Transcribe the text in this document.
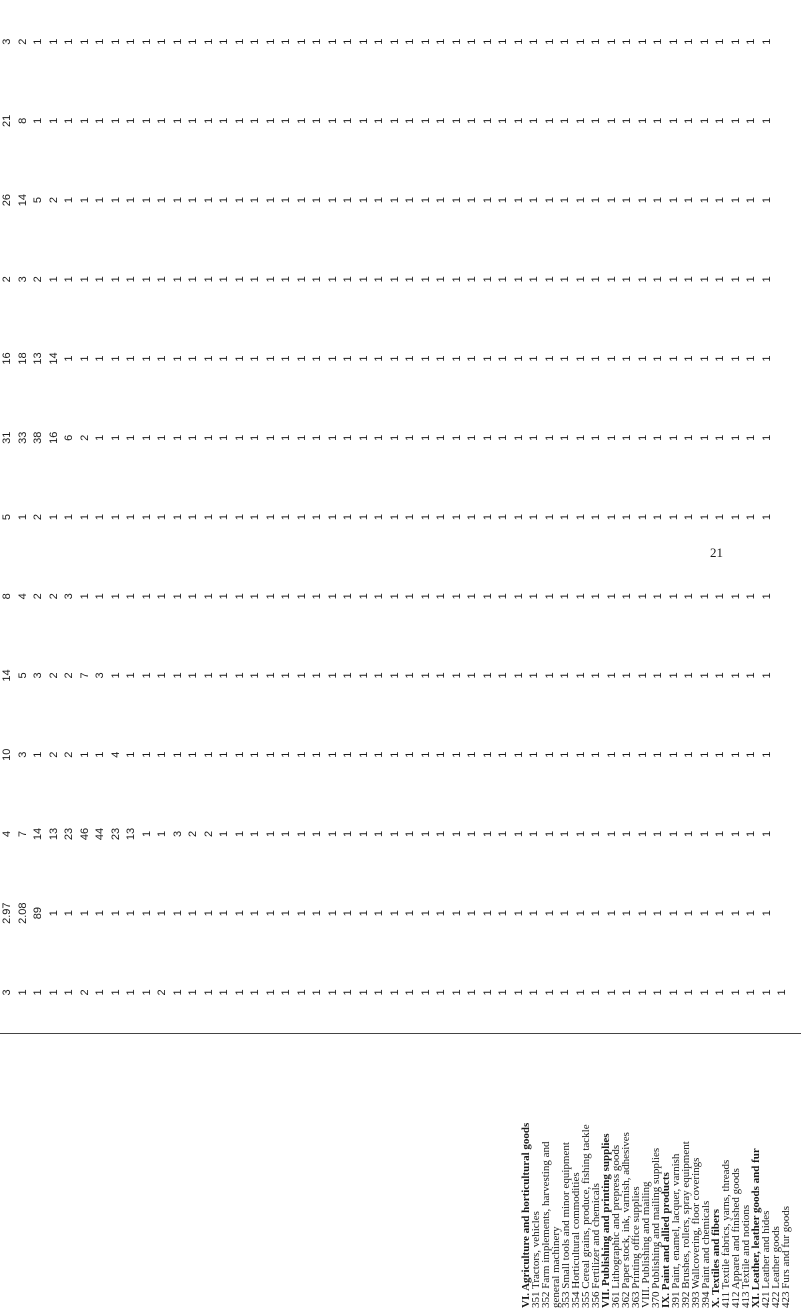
VI. Agriculture and horticultural goods
351 Tractors, vehicles
352 Farm implements, harvesting and
general machinery
353 Small tools and minor equipment
354 Horticultural commodities
355 Cereal grains, produce, fishing tackle
356 Fertilizer and chemicals
VII. Publishing and printing supplies
361 Lithographic and prepress goods
362 Paper stock, ink, varnish, adhesives
363 Printing office supplies
VIII. Publishing and mailing
370 Publishing and mailing supplies
IX. Paint and allied products
391 Paint, enamel, lacquer, varnish
392 Brushes, rollers, spray equipment
393 Wallcovering, floor coverings
394 Paint and chemicals
X. Textiles and fibers
411 Textile fabrics, yarns, threads
412 Apparel and finished goods
413 Textile and notions
XI. Leather, leather goods and fur
421 Leather and hides
422 Leather goods
423 Furs and fur goods
3 1 1 1 1 2 1 1 1 1 2 1 1 1 1 1 1 1 1 1 1 1 1 1 1 1 1 1 1 1 1 1 1 1 1 1 1 1 1 1 1 1 1 1 1 1 1 1 1 1 1
2.97 2.08 89 1 1 1 1 1 1 1 1 1 1 1 1 1 1 1 1 1 1 1 1 1 1 1 1 1 1 1 1 1 1 1 1 1 1 1 1 1 1 1 1 1 1 1 1 1 1 1
4 7 14 13 23 46 44 23 13 1 1 3 2 2 1 1 1 1 1 1 1 1 1 1 1 1 1 1 1 1 1 1 1 1 1 1 1 1 1 1 1 1 1 1 1 1 1 1 1 1
10 3 1 2 2 1 1 4 1 1 1 1 1 1 1 1 1 1 1 1 1 1 1 1 1 1 1 1 1 1 1 1 1 1 1 1 1 1 1 1 1 1 1 1 1 1 1 1 1 1
14 5 3 2 2 7 3 1 1 1 1 1 1 1 1 1 1 1 1 1 1 1 1 1 1 1 1 1 1 1 1 1 1 1 1 1 1 1 1 1 1 1 1 1 1 1 1 1 1 1
8 4 2 2 3 1 1 1 1 1 1 1 1 1 1 1 1 1 1 1 1 1 1 1 1 1 1 1 1 1 1 1 1 1 1 1 1 1 1 1 1 1 1 1 1 1 1 1 1 1
5 1 2 1 1 1 1 1 1 1 1 1 1 1 1 1 1 1 1 1 1 1 1 1 1 1 1 1 1 1 1 1 1 1 1 1 1 1 1 1 1 1 1 1 1 1 1 1 1 1
31 33 38 16 6 2 1 1 1 1 1 1 1 1 1 1 1 1 1 1 1 1 1 1 1 1 1 1 1 1 1 1 1 1 1 1 1 1 1 1 1 1 1 1 1 1 1 1 1 1
16 18 13 14 1 1 1 1 1 1 1 1 1 1 1 1 1 1 1 1 1 1 1 1 1 1 1 1 1 1 1 1 1 1 1 1 1 1 1 1 1 1 1 1 1 1 1 1 1 1
2 3 2 1 1 1 1 1 1 1 1 1 1 1 1 1 1 1 1 1 1 1 1 1 1 1 1 1 1 1 1 1 1 1 1 1 1 1 1 1 1 1 1 1 1 1 1 1 1 1
26 14 5 2 1 1 1 1 1 1 1 1 1 1 1 1 1 1 1 1 1 1 1 1 1 1 1 1 1 1 1 1 1 1 1 1 1 1 1 1 1 1 1 1 1 1 1 1 1 1
21 8 1 1 1 1 1 1 1 1 1 1 1 1 1 1 1 1 1 1 1 1 1 1 1 1 1 1 1 1 1 1 1 1 1 1 1 1 1 1 1 1 1 1 1 1 1 1 1 1
3 2 1 1 1 1 1 1 1 1 1 1 1 1 1 1 1 1 1 1 1 1 1 1 1 1 1 1 1 1 1 1 1 1 1 1 1 1 1 1 1 1 1 1 1 1 1 1 1 1
21
